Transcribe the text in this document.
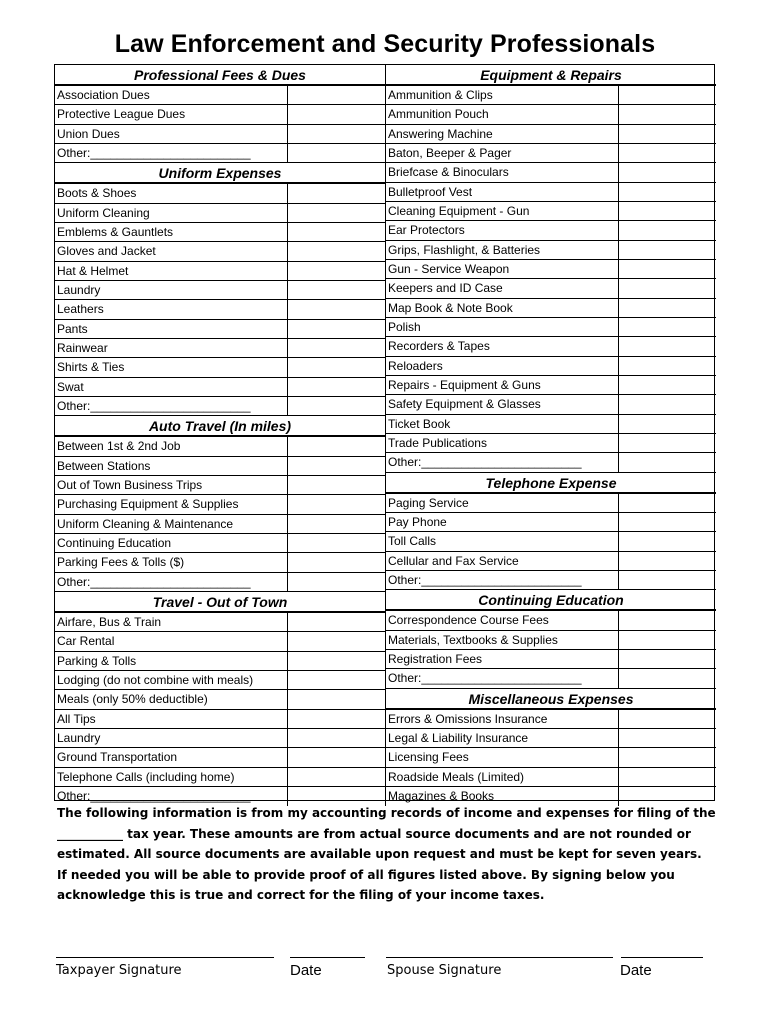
Law Enforcement and Security Professionals
Professional Fees & Dues
Association Dues
Protective League Dues
Union Dues
Other:________________________
Uniform Expenses
Boots & Shoes
Uniform Cleaning
Emblems & Gauntlets
Gloves and Jacket
Hat & Helmet
Laundry
Leathers
Pants
Rainwear
Shirts & Ties
Swat
Other:________________________
Auto Travel (In miles)
Between 1st & 2nd Job
Between Stations
Out of Town Business Trips
Purchasing Equipment & Supplies
Uniform Cleaning & Maintenance
Continuing Education
Parking Fees & Tolls ($)
Other:________________________
Travel - Out of Town
Airfare, Bus & Train
Car Rental
Parking & Tolls
Lodging (do not combine with meals)
Meals (only 50% deductible)
All Tips
Laundry
Ground Transportation
Telephone Calls (including home)
Other:________________________
Equipment & Repairs
Ammunition & Clips
Ammunition Pouch
Answering Machine
Baton, Beeper & Pager
Briefcase & Binoculars
Bulletproof Vest
Cleaning Equipment - Gun
Ear Protectors
Grips, Flashlight, & Batteries
Gun - Service Weapon
Keepers and ID Case
Map Book & Note Book
Polish
Recorders & Tapes
Reloaders
Repairs - Equipment & Guns
Safety Equipment & Glasses
Ticket Book
Trade Publications
Other:________________________
Telephone Expense
Paging Service
Pay Phone
Toll Calls
Cellular and Fax Service
Other:________________________
Continuing Education
Correspondence Course Fees
Materials, Textbooks & Supplies
Registration Fees
Other:________________________
Miscellaneous Expenses
Errors & Omissions Insurance
Legal & Liability Insurance
Licensing Fees
Roadside Meals (Limited)
Magazines & Books
The following information is from my accounting records of income and expenses for filing of the
___________ tax year. These amounts are from actual source documents and are not rounded or
estimated. All source documents are available upon request and must be kept for seven years.
If needed you will be able to provide proof of all figures listed above. By signing below you
acknowledge this is true and correct for the filing of your income taxes.
Taxpayer Signature	Date	Spouse Signature	Date
